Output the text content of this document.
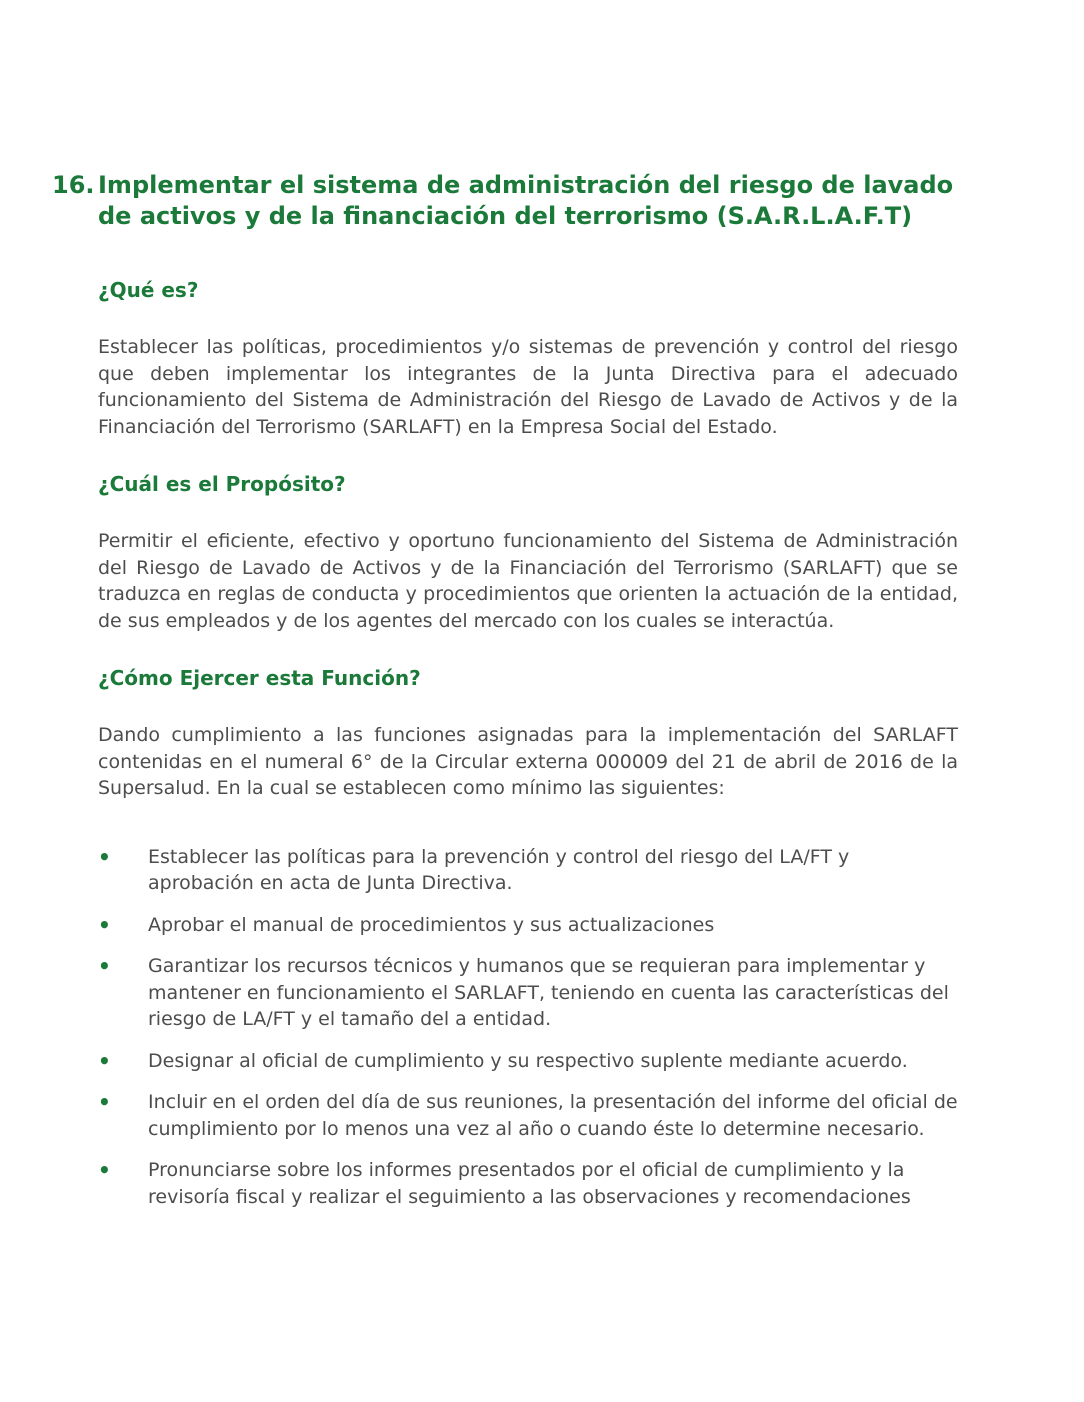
16. Implementar el sistema de administración del riesgo de lavado de activos y de la financiación del terrorismo (S.A.R.L.A.F.T)
¿Qué es?
Establecer las políticas, procedimientos y/o sistemas de prevención y control del riesgo que deben implementar los integrantes de la Junta Directiva para el adecuado funcionamiento del Sistema de Administración del Riesgo de Lavado de Activos y de la Financiación del Terrorismo (SARLAFT) en la Empresa Social del Estado.
¿Cuál es el Propósito?
Permitir el eficiente, efectivo y oportuno funcionamiento del Sistema de Administración del Riesgo de Lavado de Activos y de la Financiación del Terrorismo (SARLAFT) que se traduzca en reglas de conducta y procedimientos que orienten la actuación de la entidad, de sus empleados y de los agentes del mercado con los cuales se interactúa.
¿Cómo Ejercer esta Función?
Dando cumplimiento a las funciones asignadas para la implementación del SARLAFT contenidas en el numeral 6° de la Circular externa 000009 del 21 de abril de 2016 de la Supersalud. En la cual se establecen como mínimo las siguientes:
• Establecer las políticas para la prevención y control del riesgo del LA/FT y aprobación en acta de Junta Directiva.
• Aprobar el manual de procedimientos y sus actualizaciones
• Garantizar los recursos técnicos y humanos que se requieran para implementar y mantener en funcionamiento el SARLAFT, teniendo en cuenta las características del riesgo de LA/FT y el tamaño del a entidad.
• Designar al oficial de cumplimiento y su respectivo suplente mediante acuerdo.
• Incluir en el orden del día de sus reuniones, la presentación del informe del oficial de cumplimiento por lo menos una vez al año o cuando éste lo determine necesario.
• Pronunciarse sobre los informes presentados por el oficial de cumplimiento y la revisoría fiscal y realizar el seguimiento a las observaciones y recomendaciones
